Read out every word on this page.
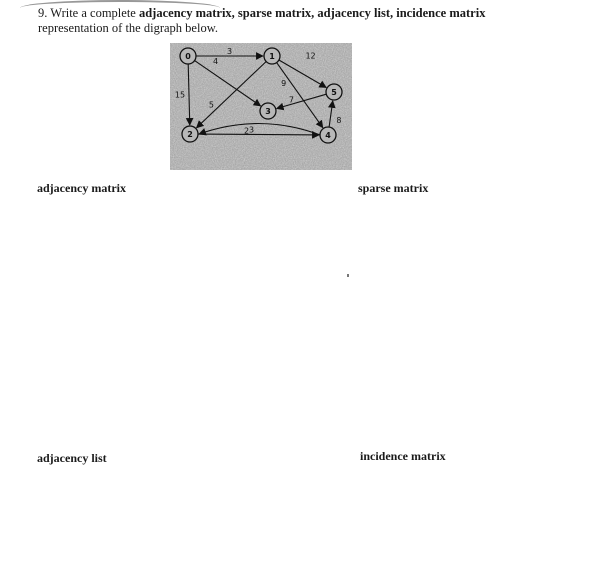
9. Write a complete adjacency matrix, sparse matrix, adjacency list, incidence matrix
representation of the digraph below.
3
15
4
5
12
9
7
8
2 3
0	1
2
3
4
5
adjacency matrix	sparse matrix
adjacency list	incidence matrix
